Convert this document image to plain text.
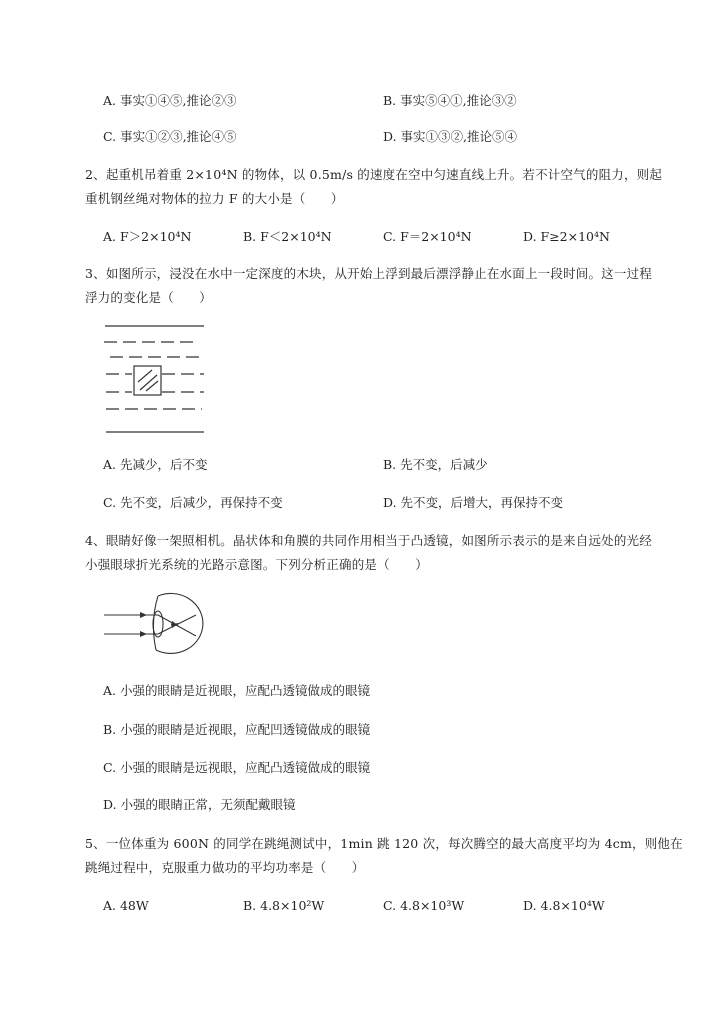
A. 事实①④⑤,推论②③	B. 事实⑤④①,推论③②
C. 事实①②③,推论④⑤	D. 事实①③②,推论⑤④
2、起重机吊着重 2×10⁴N 的物体，以 0.5m/s 的速度在空中匀速直线上升。若不计空气的阻力，则起
重机钢丝绳对物体的拉力 F 的大小是（　　）
A. F＞2×10⁴N	B. F＜2×10⁴N	C. F＝2×10⁴N	D. F≥2×10⁴N
3、如图所示，浸没在水中一定深度的木块，从开始上浮到最后漂浮静止在水面上一段时间。这一过程
浮力的变化是（　　）
A. 先减少，后不变	B. 先不变，后减少
C. 先不变，后减少，再保持不变	D. 先不变，后增大，再保持不变
4、眼睛好像一架照相机。晶状体和角膜的共同作用相当于凸透镜，如图所示表示的是来自远处的光经
小强眼球折光系统的光路示意图。下列分析正确的是（　　）
A. 小强的眼睛是近视眼，应配凸透镜做成的眼镜
B. 小强的眼睛是近视眼，应配凹透镜做成的眼镜
C. 小强的眼睛是远视眼，应配凸透镜做成的眼镜
D. 小强的眼睛正常，无须配戴眼镜
5、一位体重为 600N 的同学在跳绳测试中，1min 跳 120 次，每次腾空的最大高度平均为 4cm，则他在
跳绳过程中，克服重力做功的平均功率是（　　）
A. 48W	B. 4.8×10²W	C. 4.8×10³W	D. 4.8×10⁴W
